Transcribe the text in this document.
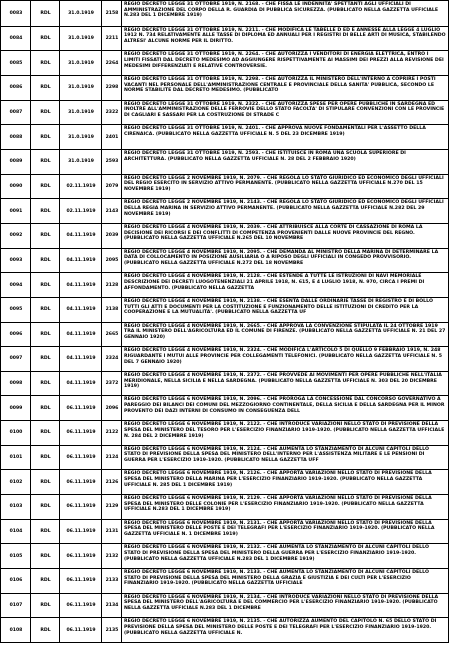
0083	RDL	31.0.1919	2158
REGIO DECRETO LEGGE 31 OTTOBRE 1919, N. 2168. - CHE FISSA LE INDENNITA' SPETTANTI AGLI UFFICIALI DI AMMINISTRAZIONE DEL CORPO DELLA R. GUARDIA DI PUBBLICA SICUREZZA. (PUBBLICATO NELLA GAZZETTA UFFICIALE N.283 DEL 1 DICEMBRE 1919)
0084	RDL	31.0.1919	2211
REGIO DECRETO LEGGE 31 OTTOBRE 1919, N. 2211. - CHE MODIFICA LE TABELLE D ED E ANNESSE ALLA LEGGE 4 LUGLIO 1912 N. 734 RELATIVAMENTE ALLE TASSE DI DIPLOMA ED ANNUALI PER I REGISTRI DI BELLE ARTI DI MUSICA, STABILENDO ALTRESI' ALCUNE NORME PER IL DIRITTO.
0085	RDL	31.0.1919	2264
REGIO DECRETO LEGGE 31 OTTOBRE 1919, N. 2264. - CHE AUTORIZZA I VENDITORI DI ENERGIA ELETTRICA, ENTRO I LIMITI FISSATI DAL DECRETO MEDESIMO AD AGGIUNGERE RISPETTIVAMENTE AI MASSIMI DEI PREZZI ALLA REVISIONE DEI MEDESIMI DIFFERENZIATI E RELATIVE CONTROVERSIE.
0086	RDL	31.0.1919	2298
REGIO DECRETO LEGGE 31 OTTOBRE 1919, N. 2298. - CHE AUTORIZZA IL MINISTERO DELL'INTERNO A COPRIRE I POSTI VACANTI NEL PERSONALE DELL'AMMINISTRAZIONE CENTRALE E PROVINCIALE DELLA SANITA' PUBBLICA, SECONDO LE NORME STABILITE DAL DECRETO MEDESIMO. (PUBBLICATO
0087	RDL	31.0.1919	2322
REGIO DECRETO LEGGE 31 OTTOBRE 1919, N. 2322. - CHE AUTORIZZA SPESE PER OPERE PUBBLICHE IN SARDEGNA ED INOLTRE ALL'AMMINISTRAZIONE DELLE FERROVIE DELLO STATO FACOLTA' DI STIPULARE CONVENZIONI CON LE PROVINCIE DI CAGLIARI E SASSARI PER LA COSTRUZIONE DI STRADE C
0088	RDL	31.0.1919	2401
REGIO DECRETO LEGGE 31 OTTOBRE 1919, N. 2401. - CHE APPROVA NUOVE FONDAMENTALI PER L'ASSETTO DELLA CIRENAICA. (PUBBLICATO NELLA GAZZETTA UFFICIALE N. 5 DEL 23 DICEMBRE 1919)
0089	RDL	31.0.1919	2593
REGIO DECRETO LEGGE 31 OTTOBRE 1919, N. 2593. - CHE ISTITUISCE IN ROMA UNA SCUOLA SUPERIORE DI ARCHITETTURA. (PUBBLICATO NELLA GAZZETTA UFFICIALE N. 28 DEL 2 FEBBRAIO 1920)
0090	RDL	02.11.1919	2079
REGIO DECRETO LEGGE 2 NOVEMBRE 1919, N. 2079. - CHE REGOLA LO STATO GIURIDICO ED ECONOMICO DEGLI UFFICIALI DEL REGIO ESERCITO IN SERVIZIO ATTIVO PERMANENTE. (PUBBLICATO NELLA GAZZETTA UFFICIALE N.270 DEL 15 NOVEMBRE 1919)
0091	RDL	02.11.1919	2143
REGIO DECRETO LEGGE 2 NOVEMBRE 1919, N. 2143. - CHE REGOLA LO STATO GIURIDICO ED ECONOMICO DEGLI UFFICIALI DELLA REGIA MARINA IN SERVIZIO ATTIVO PERMANENTE. (PUBBLICATO NELLA GAZZETTA UFFICIALE N.282 DEL 29 NOVEMBRE 1919)
0092	RDL	04.11.1919	2039
REGIO DECRETO LEGGE 4 NOVEMBRE 1919, N. 2039. - CHE ATTRIBUISCE ALLA CORTE DI CASSAZIONE DI ROMA LA DECISIONE DEI RICORSI E DEI CONFLITTI DI COMPETENZA PROVENIENTI DALLE NUOVE PROVINCIE DEL REGNO. (PUBBLICATO NELLA GAZZETTA UFFICIALE N.265 DEL 10 NOVEMBRE
0093	RDL	04.11.1919	2095
REGIO DECRETO LEGGE 4 NOVEMBRE 1919, N. 2095. - CHE DEMANDA AL MINISTRO DELLA MARINA DI DETERMINARE LA DATA DI COLLOCAMENTO IN POSIZIONE AUSILIARIA O A RIPOSO DEGLI UFFICIALI IN CONGEDO PROVVISORIO. (PUBBLICATO NELLA GAZZETTA UFFICIALE N.272 DEL 18 NOVEMBRE
0094	RDL	04.11.1919	2128
REGIO DECRETO LEGGE 4 NOVEMBRE 1919, N. 2128. - CHE ESTENDE A TUTTE LE ISTRUZIONI DI NAVI MEMORIALE DESCRIZIONE DEI DECRETI LUOGOTENENZIALI 21 APRILE 1918, N. 615, E 4 LUGLIO 1918, N. 970, CIRCA I PREMI DI AFFONDAMENTO. (PUBBLICATO NELLA GAZZETTA
0095	RDL	04.11.1919	2138
REGIO DECRETO LEGGE 4 NOVEMBRE 1919, N. 2138. - CHE ESENTA DALLE ORDINARIE TASSE DI REGISTRO E DI BOLLO TUTTI GLI ATTI E DOCUMENTI PER LA COSTITUZIONE E FUNZIONAMENTO DELLE ISTITUZIONI DI CREDITO PER LA COOPERAZIONE E LA MUTUALITA'. (PUBBLICATO NELLA GAZZETTA UF
0096	RDL	04.11.1919	2665
REGIO DECRETO LEGGE 4 NOVEMBRE 1919, N. 2665. - CHE APPROVA LA CONVENZIONE STIPULATA IL 24 OTTOBRE 1919 TRA IL MINISTERO DELL'AGRICOLTURA ED IL COMUNE DI FIRENZE. (PUBBLICATO NELLA GAZZETTA UFFICIALE N. 21 DEL 27 GENNAIO 1920)
0097	RDL	04.11.1919	2324
REGIO DECRETO LEGGE 4 NOVEMBRE 1919, N. 2324. - CHE MODIFICA L'ARTICOLO 5 DI QUELLO 9 FEBBRAIO 1919, N. 248 RIGUARDANTE I MUTUI ALLE PROVINCIE PER COLLEGAMENTI TELEFONICI. (PUBBLICATO NELLA GAZZETTA UFFICIALE N. 5 DEL 7 GENNAIO 1920)
0098	RDL	04.11.1919	2372
REGIO DECRETO LEGGE 4 NOVEMBRE 1919, N. 2372. - CHE PROVVEDE AI MOVIMENTI PER OPERE PUBBLICHE NELL'ITALIA MERIDIONALE, NELLA SICILIA E NELLA SARDEGNA. (PUBBLICATO NELLA GAZZETTA UFFICIALE N. 303 DEL 20 DICEMBRE 1919)
0099	RDL	06.11.1919	2096
REGIO DECRETO LEGGE 6 NOVEMBRE 1919, N. 2096. - CHE PROROGA LA CONCESSIONE DAL CONCORSO GOVERNATIVO A PAREGGIO DEI BILANCI DEI COMUNI DEL MEZZOGIORNO CONTINENTALE, DELLA SICILIA E DELLA SARDEGNA PER IL MINOR PROVENTO DEI DAZI INTERNI DI CONSUMO IN CONSEGUENZA DELL
0100	RDL	06.11.1919	2122
REGIO DECRETO LEGGE 6 NOVEMBRE 1919, N. 2122. - CHE INTRODUCE VARIAZIONI NELLO STATO DI PREVISIONE DELLA SPESA DEL MINISTERO DEL TESORO PER L'ESERCIZIO FINANZIARIO 1919-1920. (PUBBLICATO NELLA GAZZETTA UFFICIALE N. 284 DEL 2 DICEMBRE 1919)
0101	RDL	06.11.1919	2124
REGIO DECRETO LEGGE 6 NOVEMBRE 1919, N. 2124. - CHE AUMENTA LO STANZIAMENTO DI ALCUNI CAPITOLI DELLO STATO DI PREVISIONE DELLA SPESA DEL MINISTERO DELL'INTERNO PER L'ASSISTENZA MILITARE E LE PENSIONI DI GUERRA PER L'ESERCIZIO 1919-1920. (PUBBLICATO NELLA GAZZETTA UFF
0102	RDL	06.11.1919	2126
REGIO DECRETO LEGGE 6 NOVEMBRE 1919, N. 2126. - CHE APPORTA VARIAZIONI NELLO STATO DI PREVISIONE DELLA SPESA DEL MINISTERO DELLA MARINA PER L'ESERCIZIO FINANZIARIO 1919-1920. (PUBBLICATO NELLA GAZZETTA UFFICIALE N. 285 DEL 1 DICEMBRE 1919)
0103	RDL	06.11.1919	2129
REGIO DECRETO LEGGE 6 NOVEMBRE 1919, N. 2129. - CHE APPORTA VARIAZIONI NELLO STATO DI PREVISIONE DELLA SPESA DEL MINISTERO DELLE COLONIE PER L'ESERCIZIO FINANZIARIO 1919-1920. (PUBBLICATO NELLA GAZZETTA UFFICIALE N.283 DEL 1 DICEMBRE 1919)
0104	RDL	06.11.1919	2131
REGIO DECRETO LEGGE 6 NOVEMBRE 1919, N. 2131. - CHE APPORTA VARIAZIONI NELLO STATO DI PREVISIONE DELLA SPESA DEL MINISTERO DELLE POSTE E DEI TELEGRAFI PER L'ESERCIZIO FINANZIARIO 1919-1920. (PUBBLICATO NELLA GAZZETTA UFFICIALE N. 1 DICEMBRE 1919)
0105	RDL	06.11.1919	2132
REGIO DECRETO LEGGE 6 NOVEMBRE 1919, N. 2132. - CHE AUMENTA LO STANZIAMENTO DI ALCUNI CAPITOLI DELLO STATO DI PREVISIONE DELLA SPESA DEL MINISTERO DELLA GUERRA PER L'ESERCIZIO FINANZIARIO 1919-1920. (PUBBLICATO NELLA GAZZETTA UFFICIALE N.283 DEL 1 DICEMBRE 1919)
0106	RDL	06.11.1919	2133
REGIO DECRETO LEGGE 6 NOVEMBRE 1919, N. 2133. - CHE AUMENTA LO STANZIAMENTO DI ALCUNI CAPITOLI DELLO STATO DI PREVISIONE DELLA SPESA DEL MINISTERO DELLA GRAZIA E GIUSTIZIA E DEI CULTI PER L'ESERCIZIO FINANZIARIO 1919-1920. (PUBBLICATO NELLA GAZZETTA UFFICIALE
0107	RDL	06.11.1919	2134
REGIO DECRETO LEGGE 6 NOVEMBRE 1919, N. 2134. - CHE INTRODUCE VARIAZIONI NELLO STATO DI PREVISIONE DELLA SPESA DEL MINISTERO DELL'AGRICOLTURA E DEL COMMERCIO PER L'ESERCIZIO FINANZIARIO 1919-1920. (PUBBLICATO NELLA GAZZETTA UFFICIALE N.283 DEL 1 DICEMBRE
0108	RDL	06.11.1919	2135
REGIO DECRETO LEGGE 6 NOVEMBRE 1919, N. 2135. - CHE AUTORIZZA AUMENTO DEL CAPITOLO N. 65 DELLO STATO DI PREVISIONE DELLA SPESA DEL MINISTERO DELLE POSTE E DEI TELEGRAFI PER L'ESERCIZIO FINANZIARIO 1919-1920. (PUBBLICATO NELLA GAZZETTA UFFICIALE N.
